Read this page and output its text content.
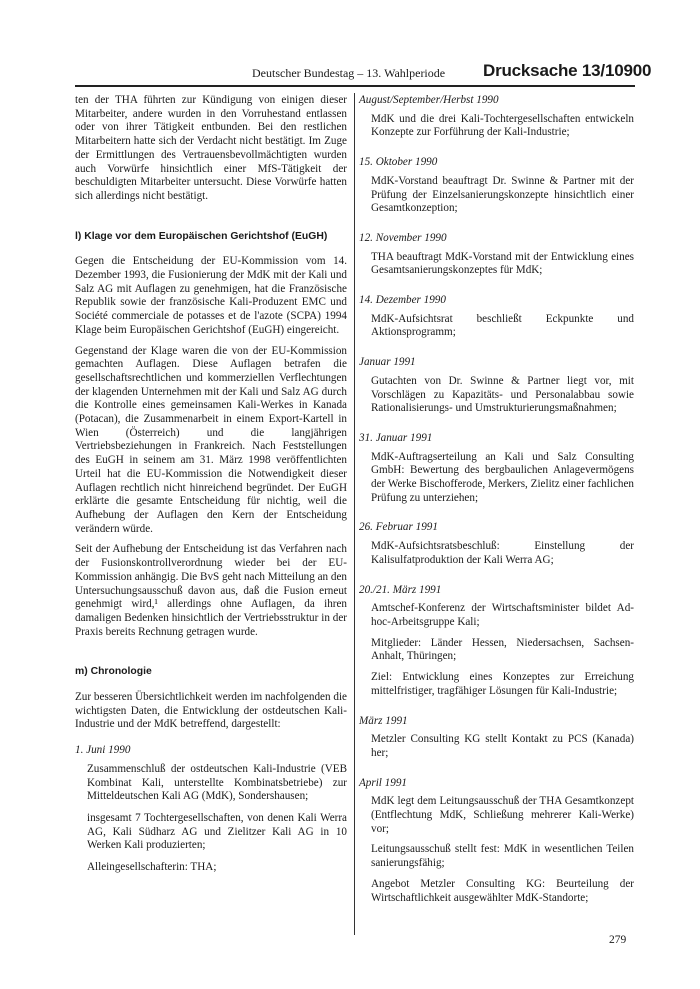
Deutscher Bundestag – 13. Wahlperiode Drucksache 13/10900

ten der THA führten zur Kündigung von einigen dieser Mitarbeiter, andere wurden in den Vorruhestand entlassen oder von ihrer Tätigkeit entbunden. Bei den restlichen Mitarbeitern hatte sich der Verdacht nicht bestätigt. Im Zuge der Ermittlungen des Vertrauensbevollmächtigten wurden auch Vorwürfe hinsichtlich einer MfS-Tätigkeit der beschuldigten Mitarbeiter untersucht. Diese Vorwürfe hatten sich allerdings nicht bestätigt.

l) Klage vor dem Europäischen Gerichtshof (EuGH)

Gegen die Entscheidung der EU-Kommission vom 14. Dezember 1993, die Fusionierung der MdK mit der Kali und Salz AG mit Auflagen zu genehmigen, hat die Französische Republik sowie der französische Kali-Produzent EMC und Société commerciale de potasses et de l'azote (SCPA) 1994 Klage beim Europäischen Gerichtshof (EuGH) eingereicht.

Gegenstand der Klage waren die von der EU-Kommission gemachten Auflagen. Diese Auflagen betrafen die gesellschaftsrechtlichen und kommerziellen Verflechtungen der klagenden Unternehmen mit der Kali und Salz AG durch die Kontrolle eines gemeinsamen Kali-Werkes in Kanada (Potacan), die Zusammenarbeit in einem Export-Kartell in Wien (Österreich) und die langjährigen Vertriebsbeziehungen in Frankreich. Nach Feststellungen des EuGH in seinem am 31. März 1998 veröffentlichten Urteil hat die EU-Kommission die Notwendigkeit dieser Auflagen rechtlich nicht hinreichend begründet. Der EuGH erklärte die gesamte Entscheidung für nichtig, weil die Aufhebung der Auflagen den Kern der Entscheidung verändern würde.

Seit der Aufhebung der Entscheidung ist das Verfahren nach der Fusionskontrollverordnung wieder bei der EU-Kommission anhängig. Die BvS geht nach Mitteilung an den Untersuchungsausschuß davon aus, daß die Fusion erneut genehmigt wird,¹ allerdings ohne Auflagen, da ihren damaligen Bedenken hinsichtlich der Vertriebsstruktur in der Praxis bereits Rechnung getragen wurde.

m) Chronologie

Zur besseren Übersichtlichkeit werden im nachfolgenden die wichtigsten Daten, die Entwicklung der ostdeutschen Kali-Industrie und der MdK betreffend, dargestellt:

1. Juni 1990

Zusammenschluß der ostdeutschen Kali-Industrie (VEB Kombinat Kali, unterstellte Kombinatsbetriebe) zur Mitteldeutschen Kali AG (MdK), Sondershausen;

insgesamt 7 Tochtergesellschaften, von denen Kali Werra AG, Kali Südharz AG und Zielitzer Kali AG in 10 Werken Kali produzierten;

Alleingesellschafterin: THA;

August/September/Herbst 1990

MdK und die drei Kali-Tochtergesellschaften entwickeln Konzepte zur Forführung der Kali-Industrie;

15. Oktober 1990

MdK-Vorstand beauftragt Dr. Swinne & Partner mit der Prüfung der Einzelsanierungskonzepte hinsichtlich einer Gesamtkonzeption;

12. November 1990

THA beauftragt MdK-Vorstand mit der Entwicklung eines Gesamtsanierungskonzeptes für MdK;

14. Dezember 1990

MdK-Aufsichtsrat beschließt Eckpunkte und Aktionsprogramm;

Januar 1991

Gutachten von Dr. Swinne & Partner liegt vor, mit Vorschlägen zu Kapazitäts- und Personalabbau sowie Rationalisierungs- und Umstrukturierungsmaßnahmen;

31. Januar 1991

MdK-Auftragserteilung an Kali und Salz Consulting GmbH: Bewertung des bergbaulichen Anlagevermögens der Werke Bischofferode, Merkers, Zielitz einer fachlichen Prüfung zu unterziehen;

26. Februar 1991

MdK-Aufsichtsratsbeschluß: Einstellung der Kalisulfatproduktion der Kali Werra AG;

20./21. März 1991

Amtschef-Konferenz der Wirtschaftsminister bildet Ad-hoc-Arbeitsgruppe Kali;

Mitglieder: Länder Hessen, Niedersachsen, Sachsen-Anhalt, Thüringen;

Ziel: Entwicklung eines Konzeptes zur Erreichung mittelfristiger, tragfähiger Lösungen für Kali-Industrie;

März 1991

Metzler Consulting KG stellt Kontakt zu PCS (Kanada) her;

April 1991

MdK legt dem Leitungsausschuß der THA Gesamtkonzept (Entflechtung MdK, Schließung mehrerer Kali-Werke) vor;

Leitungsausschuß stellt fest: MdK in wesentlichen Teilen sanierungsfähig;

Angebot Metzler Consulting KG: Beurteilung der Wirtschaftlichkeit ausgewählter MdK-Standorte;

279
